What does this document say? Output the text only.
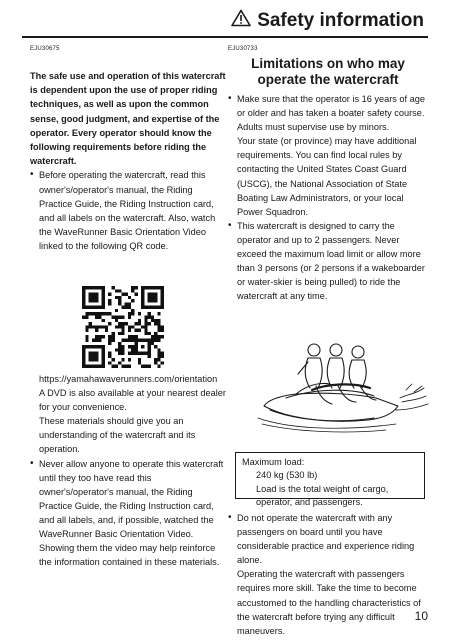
Safety information
EJU30675

The safe use and operation of this watercraft is dependent upon the use of proper riding techniques, as well as upon the common sense, good judgment, and expertise of the operator. Every operator should know the following requirements before riding the watercraft.

• Before operating the watercraft, read this owner's/operator's manual, the Riding Practice Guide, the Riding Instruction card, and all labels on the watercraft. Also, watch the WaveRunner Basic Orientation Video linked to the following QR code.

https://yamahawaverunners.com/orientation

A DVD is also available at your nearest dealer for your convenience.

These materials should give you an understanding of the watercraft and its operation.

• Never allow anyone to operate this watercraft until they too have read this owner's/operator's manual, the Riding Practice Guide, the Riding Instruction card, and all labels, and, if possible, watched the WaveRunner Basic Orientation Video.

Showing them the video may help reinforce the information contained in these materials.

EJU30733
Limitations on who may
operate the watercraft
• Make sure that the operator is 16 years of age or older and has taken a boater safety course.

Adults must supervise use by minors.

Your state (or province) may have additional requirements. You can find local rules by contacting the United States Coast Guard (USCG), the National Association of State Boating Law Administrators, or your local Power Squadron.

• This watercraft is designed to carry the operator and up to 2 passengers. Never exceed the maximum load limit or allow more than 3 persons (or 2 persons if a wakeboarder or water-skier is being pulled) to ride the watercraft at any time.
Maximum load:
240 kg (530 lb)
Load is the total weight of cargo, operator, and passengers.
• Do not operate the watercraft with any passengers on board until you have considerable practice and experience riding alone.

Operating the watercraft with passengers requires more skill. Take the time to become accustomed to the handling characteristics of the watercraft before trying any difficult maneuvers.

10
